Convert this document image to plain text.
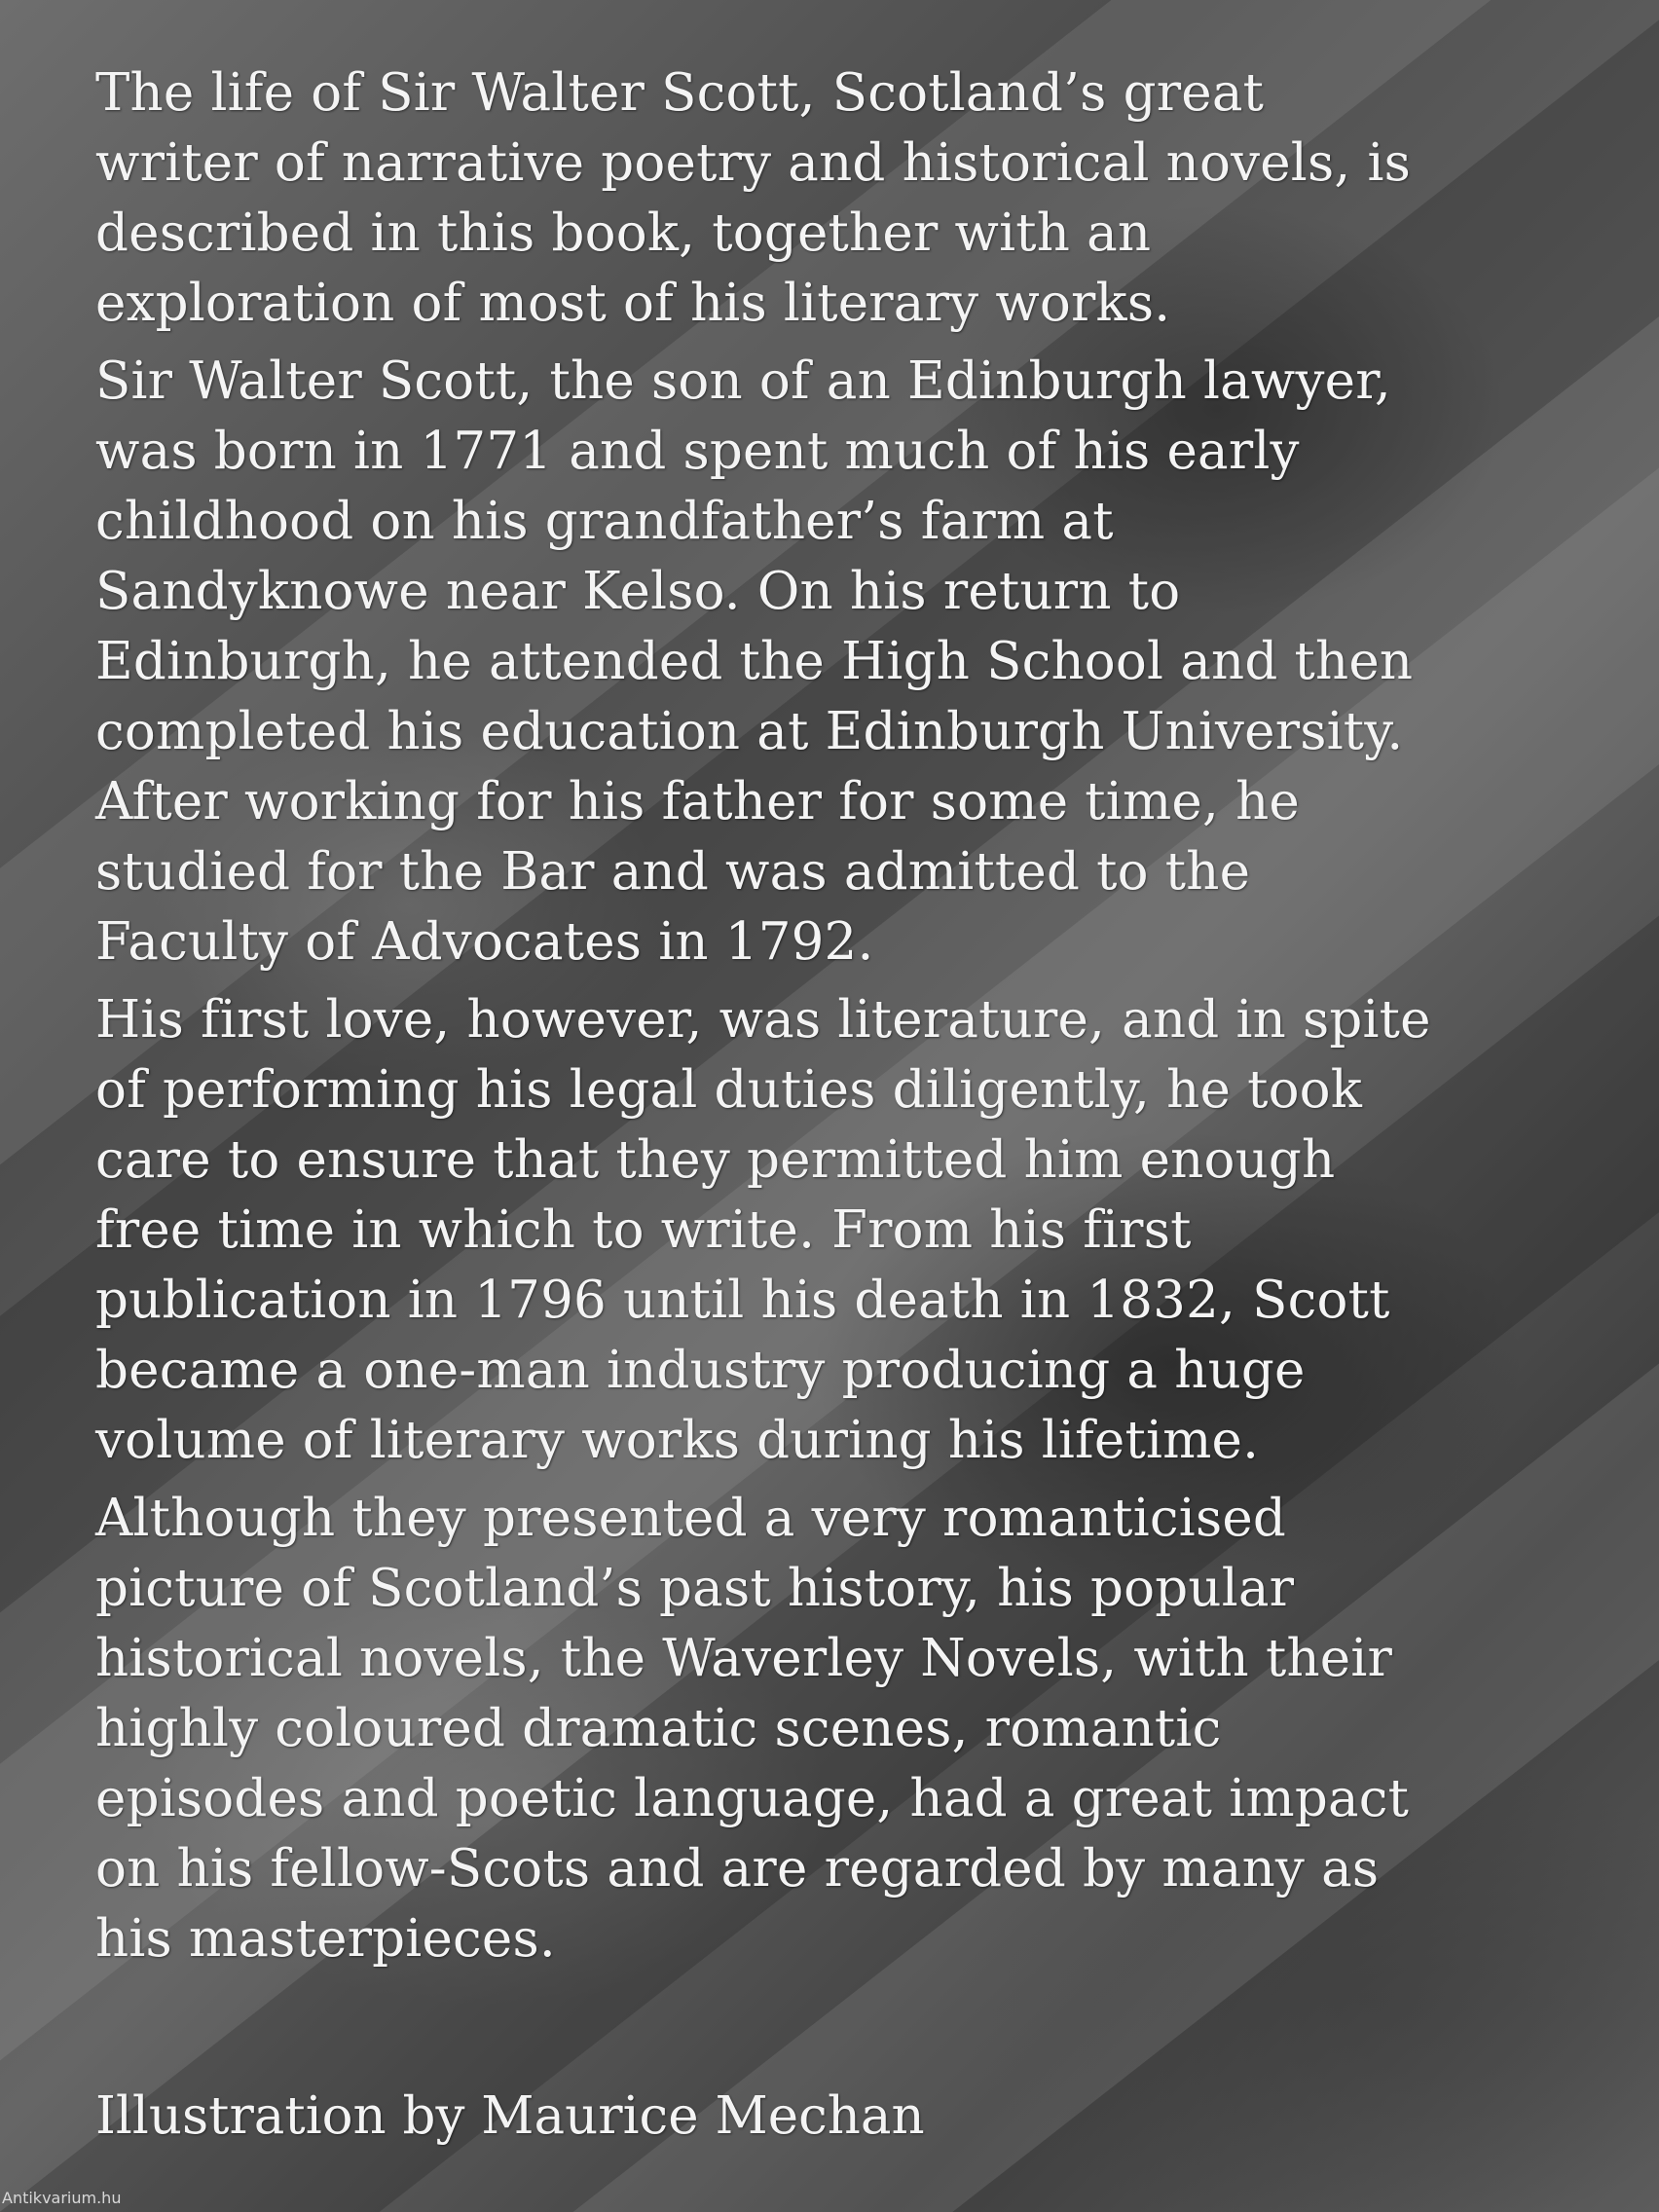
The life of Sir Walter Scott, Scotland’s great
writer of narrative poetry and historical novels, is
described in this book, together with an
exploration of most of his literary works.

Sir Walter Scott, the son of an Edinburgh lawyer,
was born in 1771 and spent much of his early
childhood on his grandfather’s farm at
Sandyknowe near Kelso. On his return to
Edinburgh, he attended the High School and then
completed his education at Edinburgh University.
After working for his father for some time, he
studied for the Bar and was admitted to the
Faculty of Advocates in 1792.

His first love, however, was literature, and in spite
of performing his legal duties diligently, he took
care to ensure that they permitted him enough
free time in which to write. From his first
publication in 1796 until his death in 1832, Scott
became a one-man industry producing a huge
volume of literary works during his lifetime.

Although they presented a very romanticised
picture of Scotland’s past history, his popular
historical novels, the Waverley Novels, with their
highly coloured dramatic scenes, romantic
episodes and poetic language, had a great impact
on his fellow-Scots and are regarded by many as
his masterpieces.

Illustration by Maurice Mechan
Antikvarium.hu
